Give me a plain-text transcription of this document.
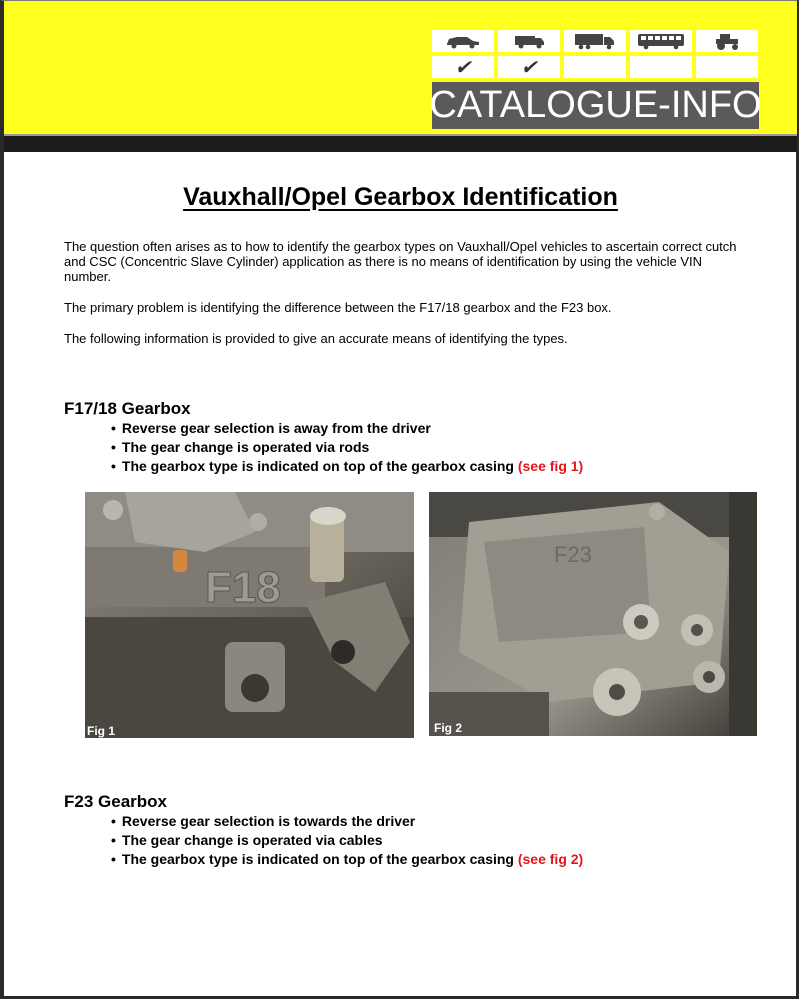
✔	✔
CATALOGUE-INFO
Vauxhall/Opel Gearbox Identification
The question often arises as to how to identify the gearbox types on Vauxhall/Opel vehicles to ascertain correct cutch and CSC (Concentric Slave Cylinder) application as there is no means of identification by using the vehicle VIN number.
The primary problem is identifying the difference between the F17/18 gearbox and the F23 box.
The following information is provided to give an accurate means of identifying the types.
F17/18 Gearbox
• Reverse gear selection is away from the driver
• The gear change is operated via rods
• The gearbox type is indicated on top of the gearbox casing (see fig 1)
F18
Fig 1
F23
Fig 2
F23 Gearbox
• Reverse gear selection is towards the driver
• The gear change is operated via cables
• The gearbox type is indicated on top of the gearbox casing (see fig 2)
